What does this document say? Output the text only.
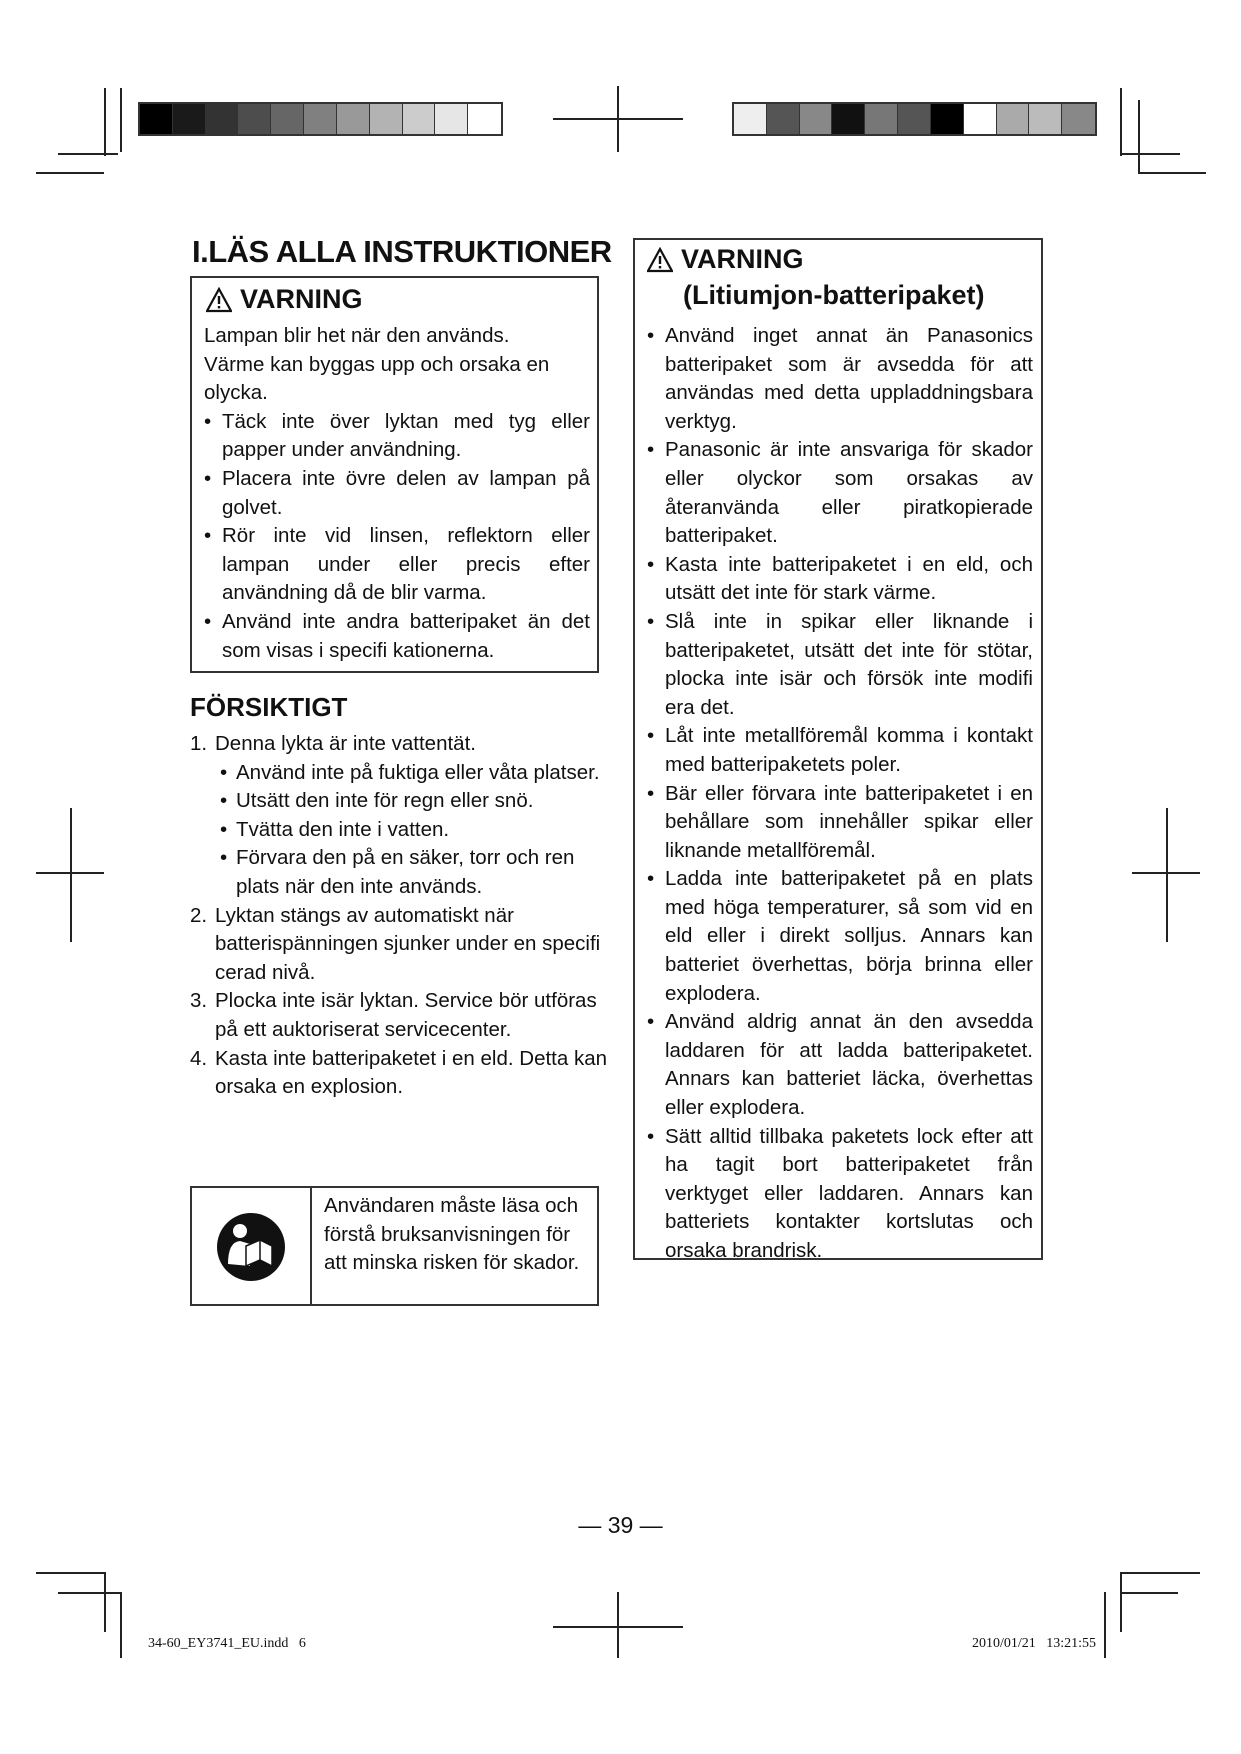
I.LÄS ALLA INSTRUKTIONER
VARNING

Lampan blir het när den används.

Värme kan byggas upp och orsaka en olycka.

• Täck inte över lyktan med tyg eller papper under användning.
• Placera inte övre delen av lampan på golvet.
• Rör inte vid linsen, reflektorn eller lampan under eller precis efter användning då de blir varma.
• Använd inte andra batteripaket än det som visas i specifi kationerna.
FÖRSIKTIGT
1. Denna lykta är inte vattentät.
• Använd inte på fuktiga eller våta platser.
• Utsätt den inte för regn eller snö.
• Tvätta den inte i vatten.
• Förvara den på en säker, torr och ren plats när den inte används.
2. Lyktan stängs av automatiskt när batterispänningen sjunker under en specifi cerad nivå.
3. Plocka inte isär lyktan. Service bör utföras på ett auktoriserat servicecenter.
4. Kasta inte batteripaketet i en eld. Detta kan orsaka en explosion.
Användaren måste läsa och förstå bruksanvisningen för att minska risken för skador.
VARNING
(Litiumjon-batteripaket)
• Använd inget annat än Panasonics batteripaket som är avsedda för att användas med detta uppladdningsbara verktyg.
• Panasonic är inte ansvariga för skador eller olyckor som orsakas av återanvända eller piratkopierade batteripaket.
• Kasta inte batteripaketet i en eld, och utsätt det inte för stark värme.
• Slå inte in spikar eller liknande i batteripaketet, utsätt det inte för stötar, plocka inte isär och försök inte modifi era det.
• Låt inte metallföremål komma i kontakt med batteripaketets poler.
• Bär eller förvara inte batteripaketet i en behållare som innehåller spikar eller liknande metallföremål.
• Ladda inte batteripaketet på en plats med höga temperaturer, så som vid en eld eller i direkt solljus. Annars kan batteriet överhettas, börja brinna eller explodera.
• Använd aldrig annat än den avsedda laddaren för att ladda batteripaketet. Annars kan batteriet läcka, överhettas eller explodera.
• Sätt alltid tillbaka paketets lock efter att ha tagit bort batteripaketet från verktyget eller laddaren. Annars kan batteriets kontakter kortslutas och orsaka brandrisk.
— 39 —
34-60_EY3741_EU.indd   6	2010/01/21   13:21:55
